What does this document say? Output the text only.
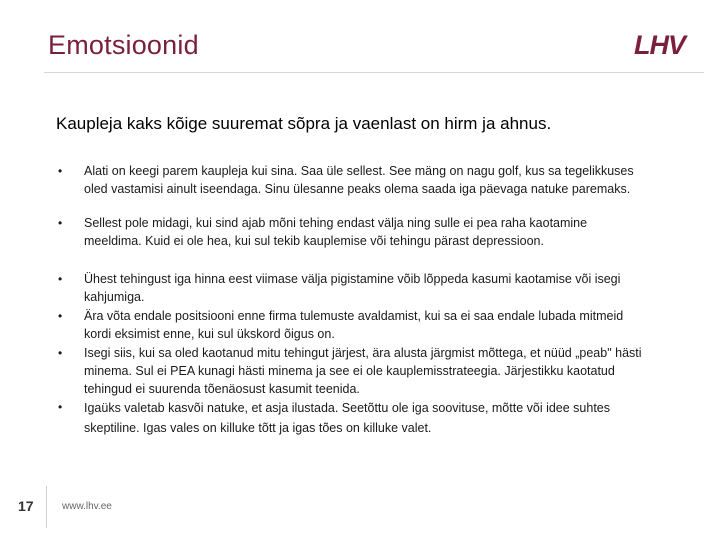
Emotsioonid	LHV
Kaupleja kaks kõige suuremat sõpra ja vaenlast on hirm ja ahnus.
• Alati on keegi parem kaupleja kui sina. Saa üle sellest. See mäng on nagu golf, kus sa tegelikkuses oled vastamisi ainult iseendaga. Sinu ülesanne peaks olema saada iga päevaga natuke paremaks.
• Sellest pole midagi, kui sind ajab mõni tehing endast välja ning sulle ei pea raha kaotamine meeldima. Kuid ei ole hea, kui sul tekib kauplemise või tehingu pärast depressioon.
• Ühest tehingust iga hinna eest viimase välja pigistamine võib lõppeda kasumi kaotamise või isegi kahjumiga.
• Ära võta endale positsiooni enne firma tulemuste avaldamist, kui sa ei saa endale lubada mitmeid kordi eksimist enne, kui sul ükskord õigus on.
• Isegi siis, kui sa oled kaotanud mitu tehingut järjest, ära alusta järgmist mõttega, et nüüd „peab" hästi minema. Sul ei PEA kunagi hästi minema ja see ei ole kauplemisstrateegia. Järjestikku kaotatud tehingud ei suurenda tõenäosust kasumit teenida.
• Igaüks valetab kasvõi natuke, et asja ilustada. Seetõttu ole iga soovituse, mõtte või idee suhtes skeptiline. Igas vales on killuke tõtt ja igas tões on killuke valet.
17	www.lhv.ee
